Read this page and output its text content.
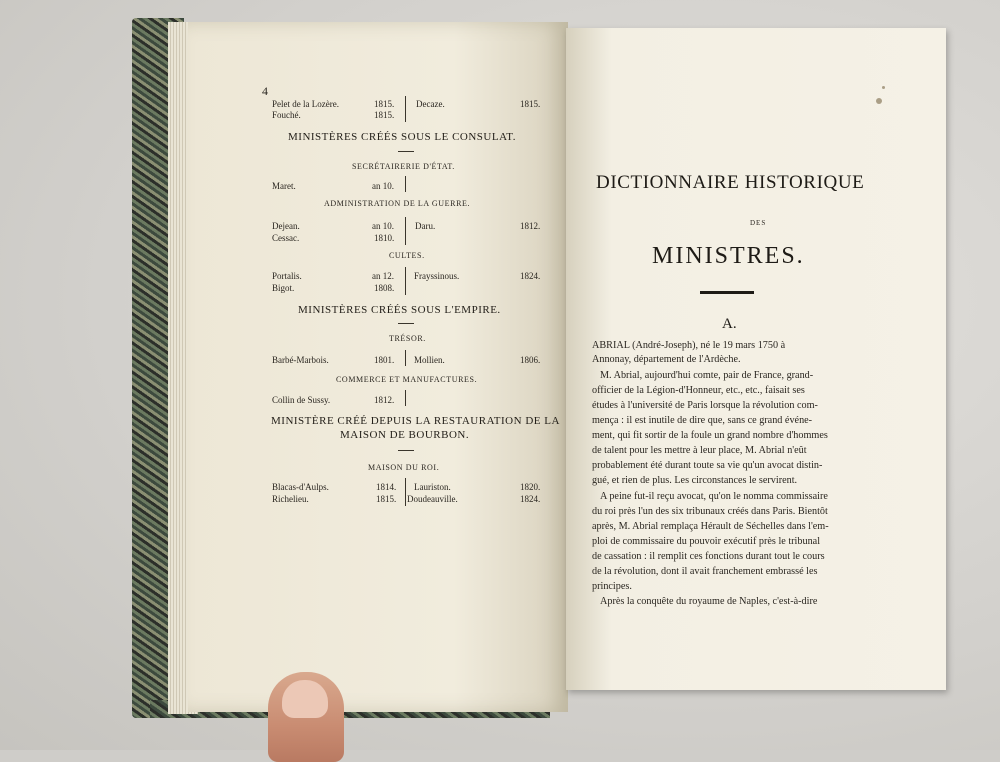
4
Pelet de la Lozère.	1815. Decaze.	1815.
Fouché.	1815.
MINISTÈRES CRÉÉS SOUS LE CONSULAT.
SECRÉTAIRERIE D'ÉTAT.
Maret.	an 10.
ADMINISTRATION DE LA GUERRE.
Dejean.	an 10. Daru.	1812.
Cessac.	1810.
CULTES.
Portalis.	an 12. Frayssinous.	1824.
Bigot.	1808.
MINISTÈRES CRÉÉS SOUS L'EMPIRE.
TRÉSOR.
Barbé-Marbois.	1801. Mollien.	1806.
COMMERCE ET MANUFACTURES.
Collin de Sussy.	1812.
MINISTÈRE CRÉÉ DEPUIS LA RESTAURATION DE LA
MAISON DE BOURBON.
MAISON DU ROI.
Blacas-d'Aulps.	1814. Lauriston.	1820.
Richelieu.	1815. Doudeauville.	1824.
DICTIONNAIRE HISTORIQUE
DES
MINISTRES.
A.
ABRIAL (André-Joseph), né le 19 mars 1750 à
Annonay, département de l'Ardèche.
M. Abrial, aujourd'hui comte, pair de France, grand-
officier de la Légion-d'Honneur, etc., etc., faisait ses
études à l'université de Paris lorsque la révolution com-
mença : il est inutile de dire que, sans ce grand événe-
ment, qui fit sortir de la foule un grand nombre d'hommes
de talent pour les mettre à leur place, M. Abrial n'eût
probablement été durant toute sa vie qu'un avocat distin-
gué, et rien de plus. Les circonstances le servirent.
A peine fut-il reçu avocat, qu'on le nomma commissaire
du roi près l'un des six tribunaux créés dans Paris. Bientôt
après, M. Abrial remplaça Hérault de Séchelles dans l'em-
ploi de commissaire du pouvoir exécutif près le tribunal
de cassation : il remplit ces fonctions durant tout le cours
de la révolution, dont il avait franchement embrassé les
principes.
Après la conquête du royaume de Naples, c'est-à-dire
